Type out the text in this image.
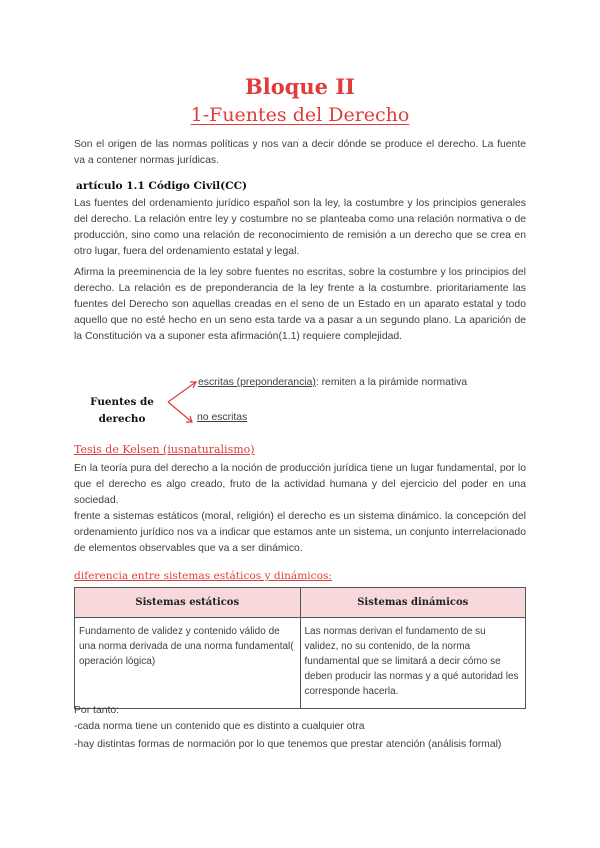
Bloque II
1-Fuentes del Derecho

Son el origen de las normas políticas y nos van a decir dónde se produce el derecho. La fuente va a contener normas jurídicas.

artículo 1.1 Código Civil(CC)

Las fuentes del ordenamiento jurídico español son la ley, la costumbre y los principios generales del derecho. La relación entre ley y costumbre no se planteaba como una relación normativa o de producción, sino como una relación de reconocimiento de remisión a un derecho que se crea en otro lugar, fuera del ordenamiento estatal y legal.

Afirma la preeminencia de la ley sobre fuentes no escritas, sobre la costumbre y los principios del derecho. La relación es de preponderancia de la ley frente a la costumbre. prioritariamente las fuentes del Derecho son aquellas creadas en el seno de un Estado en un aparato estatal y todo aquello que no esté hecho en un seno esta tarde va a pasar a un segundo plano. La aparición de la Constitución va a suponer esta afirmación(1.1) requiere complejidad.

Fuentes de
derecho
escritas (preponderancia): remiten a la pirámide normativa
no escritas
Tesis de Kelsen (iusnaturalismo)

En la teoría pura del derecho a la noción de producción jurídica tiene un lugar fundamental, por lo que el derecho es algo creado, fruto de la actividad humana y del ejercicio del poder en una sociedad.

frente a sistemas estáticos (moral, religión) el derecho es un sistema dinámico. la concepción del ordenamiento jurídico nos va a indicar que estamos ante un sistema, un conjunto interrelacionado de elementos observables que va a ser dinámico.

diferencia entre sistemas estáticos y dinámicos:
Sistemas estáticos	Sistemas dinámicos
Fundamento de validez y contenido válido de una norma derivada de una norma fundamental( operación lógica)	Las normas derivan el fundamento de su validez, no su contenido, de la norma fundamental que se limitará a decir cómo se deben producir las normas y a qué autoridad les corresponde hacerla.
Por tanto:
-cada norma tiene un contenido que es distinto a cualquier otra

-hay distintas formas de normación por lo que tenemos que prestar atención (análisis formal)
